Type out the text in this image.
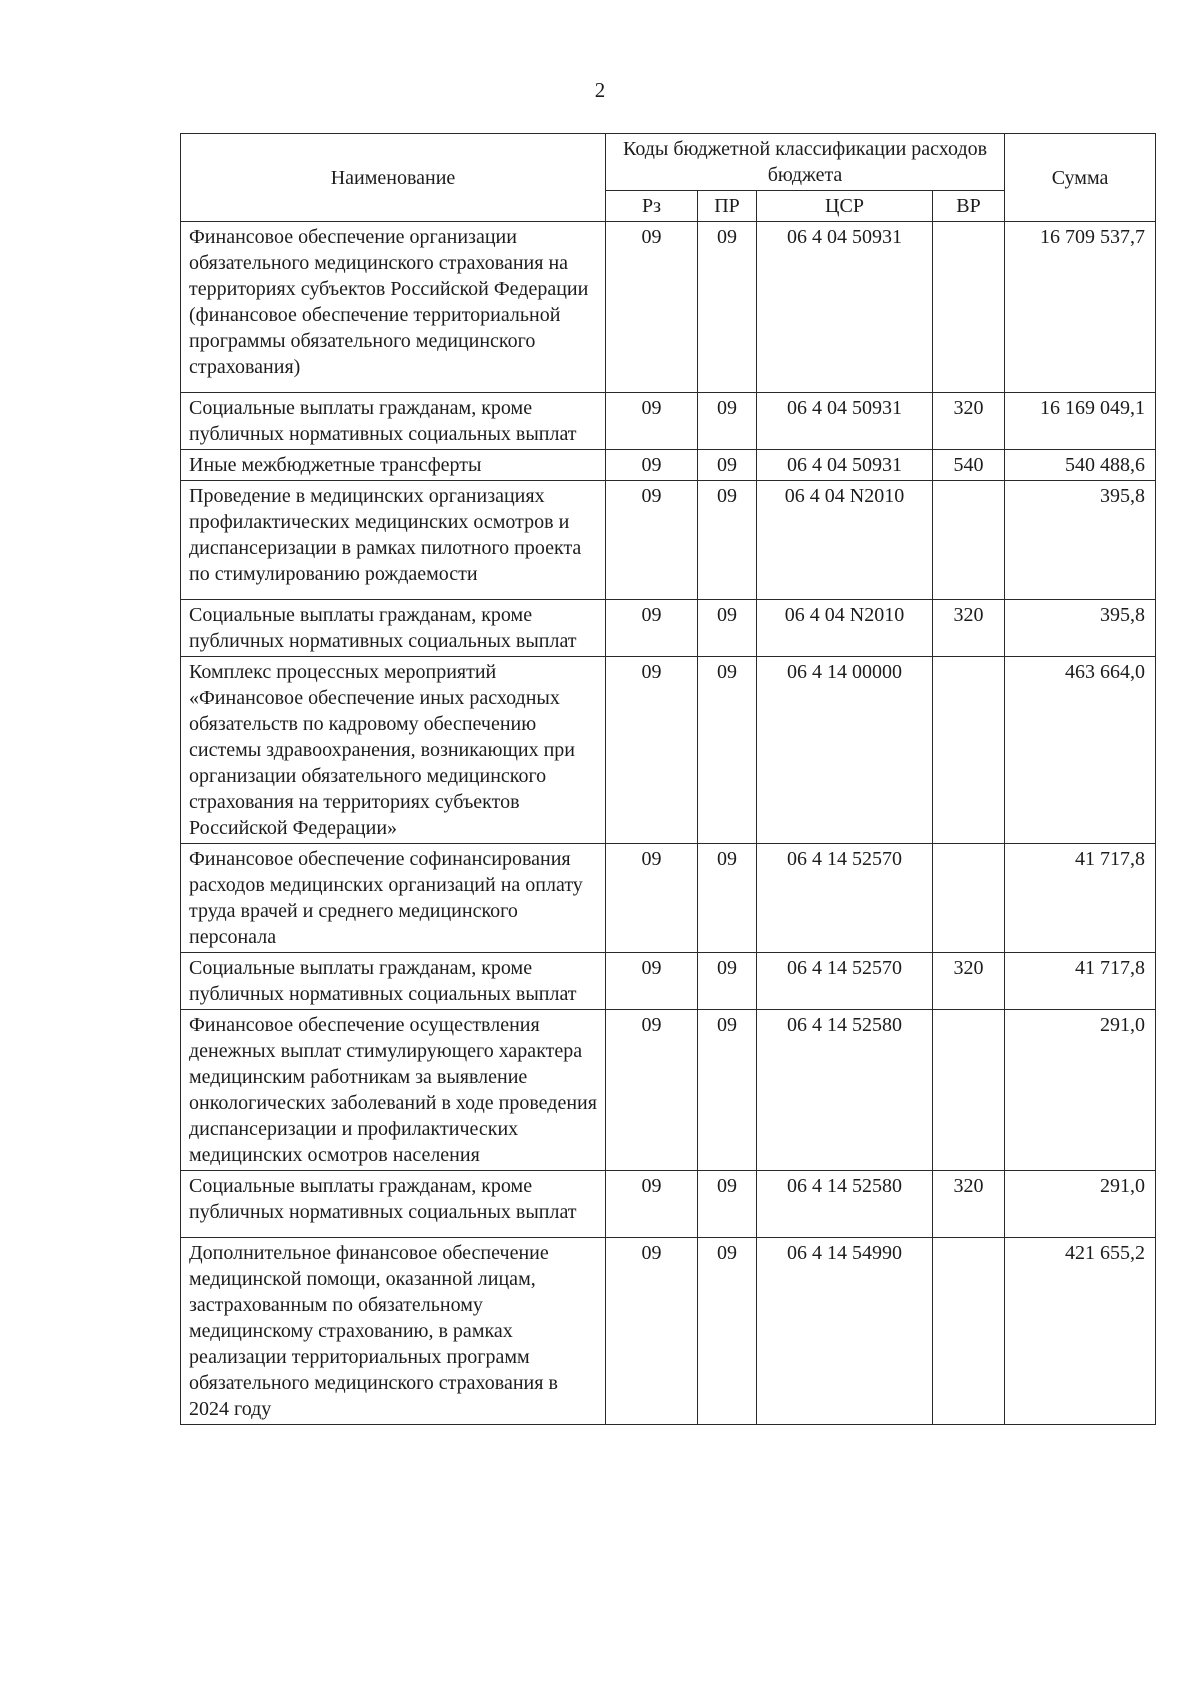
2
Наименование	Коды бюджетной классификации расходов бюджета				Сумма
	Рз	ПР	ЦСР	ВР	
Финансовое обеспечение организации обязательного медицинского страхования на территориях субъектов Российской Федерации (финансовое обеспечение территориальной программы обязательного медицинского страхования)	09	09	06 4 04 50931		16 709 537,7
Социальные выплаты гражданам, кроме публичных нормативных социальных выплат	09	09	06 4 04 50931	320	16 169 049,1
Иные межбюджетные трансферты	09	09	06 4 04 50931	540	540 488,6
Проведение в медицинских организациях профилактических медицинских осмотров и диспансеризации в рамках пилотного проекта по стимулированию рождаемости	09	09	06 4 04 N2010		395,8
Социальные выплаты гражданам, кроме публичных нормативных социальных выплат	09	09	06 4 04 N2010	320	395,8
Комплекс процессных мероприятий «Финансовое обеспечение иных расходных обязательств по кадровому обеспечению системы здравоохранения, возникающих при организации обязательного медицинского страхования на территориях субъектов Российской Федерации»	09	09	06 4 14 00000		463 664,0
Финансовое обеспечение софинансирования расходов медицинских организаций на оплату труда врачей и среднего медицинского персонала	09	09	06 4 14 52570		41 717,8
Социальные выплаты гражданам, кроме публичных нормативных социальных выплат	09	09	06 4 14 52570	320	41 717,8
Финансовое обеспечение осуществления денежных выплат стимулирующего характера медицинским работникам за выявление онкологических заболеваний в ходе проведения диспансеризации и профилактических медицинских осмотров населения	09	09	06 4 14 52580		291,0
Социальные выплаты гражданам, кроме публичных нормативных социальных выплат	09	09	06 4 14 52580	320	291,0
Дополнительное финансовое обеспечение медицинской помощи, оказанной лицам, застрахованным по обязательному медицинскому страхованию, в рамках реализации территориальных программ обязательного медицинского страхования в 2024 году	09	09	06 4 14 54990		421 655,2
